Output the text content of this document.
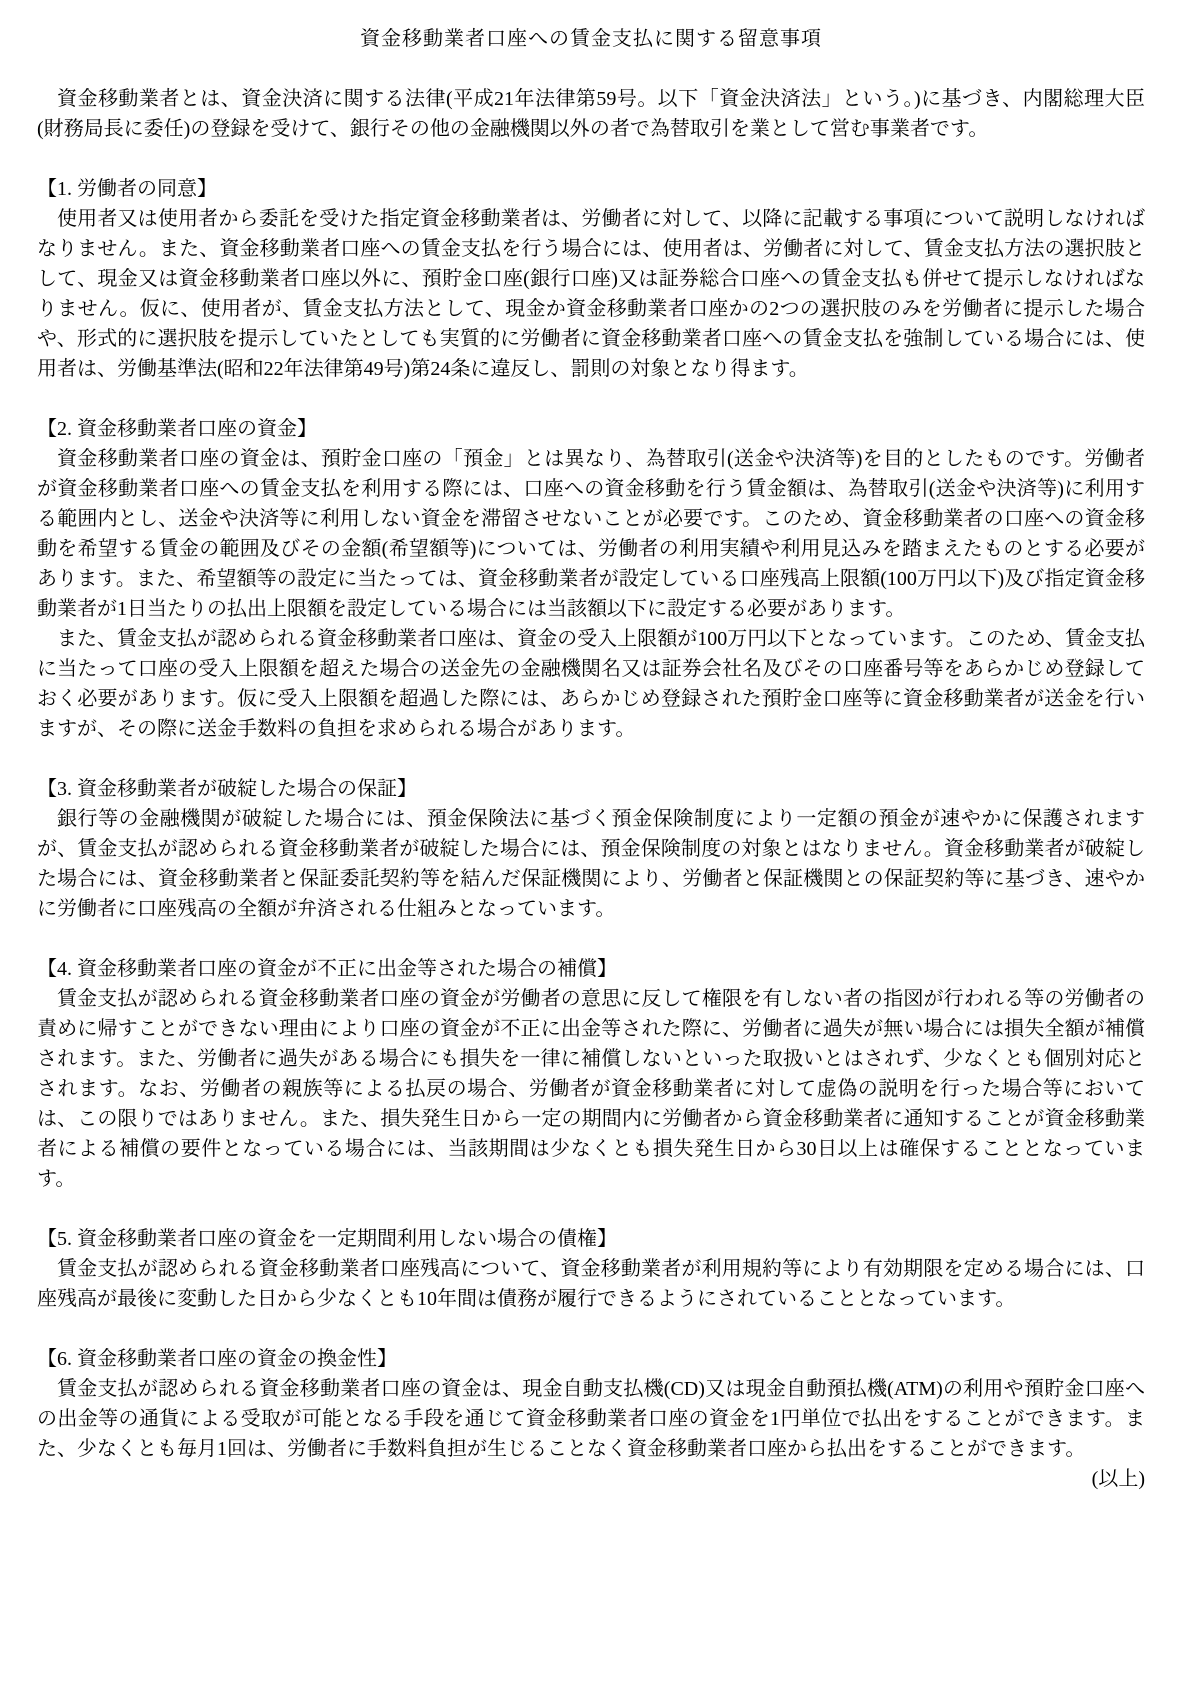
資金移動業者口座への賃金支払に関する留意事項

資金移動業者とは、資金決済に関する法律(平成21年法律第59号。以下「資金決済法」という。)に基づき、内閣総理大臣(財務局長に委任)の登録を受けて、銀行その他の金融機関以外の者で為替取引を業として営む事業者です。

【1. 労働者の同意】

使用者又は使用者から委託を受けた指定資金移動業者は、労働者に対して、以降に記載する事項について説明しなければなりません。また、資金移動業者口座への賃金支払を行う場合には、使用者は、労働者に対して、賃金支払方法の選択肢として、現金又は資金移動業者口座以外に、預貯金口座(銀行口座)又は証券総合口座への賃金支払も併せて提示しなければなりません。仮に、使用者が、賃金支払方法として、現金か資金移動業者口座かの2つの選択肢のみを労働者に提示した場合や、形式的に選択肢を提示していたとしても実質的に労働者に資金移動業者口座への賃金支払を強制している場合には、使用者は、労働基準法(昭和22年法律第49号)第24条に違反し、罰則の対象となり得ます。

【2. 資金移動業者口座の資金】

資金移動業者口座の資金は、預貯金口座の「預金」とは異なり、為替取引(送金や決済等)を目的としたものです。労働者が資金移動業者口座への賃金支払を利用する際には、口座への資金移動を行う賃金額は、為替取引(送金や決済等)に利用する範囲内とし、送金や決済等に利用しない資金を滞留させないことが必要です。このため、資金移動業者の口座への資金移動を希望する賃金の範囲及びその金額(希望額等)については、労働者の利用実績や利用見込みを踏まえたものとする必要があります。また、希望額等の設定に当たっては、資金移動業者が設定している口座残高上限額(100万円以下)及び指定資金移動業者が1日当たりの払出上限額を設定している場合には当該額以下に設定する必要があります。

また、賃金支払が認められる資金移動業者口座は、資金の受入上限額が100万円以下となっています。このため、賃金支払に当たって口座の受入上限額を超えた場合の送金先の金融機関名又は証券会社名及びその口座番号等をあらかじめ登録しておく必要があります。仮に受入上限額を超過した際には、あらかじめ登録された預貯金口座等に資金移動業者が送金を行いますが、その際に送金手数料の負担を求められる場合があります。

【3. 資金移動業者が破綻した場合の保証】

銀行等の金融機関が破綻した場合には、預金保険法に基づく預金保険制度により一定額の預金が速やかに保護されますが、賃金支払が認められる資金移動業者が破綻した場合には、預金保険制度の対象とはなりません。資金移動業者が破綻した場合には、資金移動業者と保証委託契約等を結んだ保証機関により、労働者と保証機関との保証契約等に基づき、速やかに労働者に口座残高の全額が弁済される仕組みとなっています。

【4. 資金移動業者口座の資金が不正に出金等された場合の補償】

賃金支払が認められる資金移動業者口座の資金が労働者の意思に反して権限を有しない者の指図が行われる等の労働者の責めに帰すことができない理由により口座の資金が不正に出金等された際に、労働者に過失が無い場合には損失全額が補償されます。また、労働者に過失がある場合にも損失を一律に補償しないといった取扱いとはされず、少なくとも個別対応とされます。なお、労働者の親族等による払戻の場合、労働者が資金移動業者に対して虚偽の説明を行った場合等においては、この限りではありません。また、損失発生日から一定の期間内に労働者から資金移動業者に通知することが資金移動業者による補償の要件となっている場合には、当該期間は少なくとも損失発生日から30日以上は確保することとなっています。

【5. 資金移動業者口座の資金を一定期間利用しない場合の債権】

賃金支払が認められる資金移動業者口座残高について、資金移動業者が利用規約等により有効期限を定める場合には、口座残高が最後に変動した日から少なくとも10年間は債務が履行できるようにされていることとなっています。

【6. 資金移動業者口座の資金の換金性】

賃金支払が認められる資金移動業者口座の資金は、現金自動支払機(CD)又は現金自動預払機(ATM)の利用や預貯金口座への出金等の通貨による受取が可能となる手段を通じて資金移動業者口座の資金を1円単位で払出をすることができます。また、少なくとも毎月1回は、労働者に手数料負担が生じることなく資金移動業者口座から払出をすることができます。

(以上)
